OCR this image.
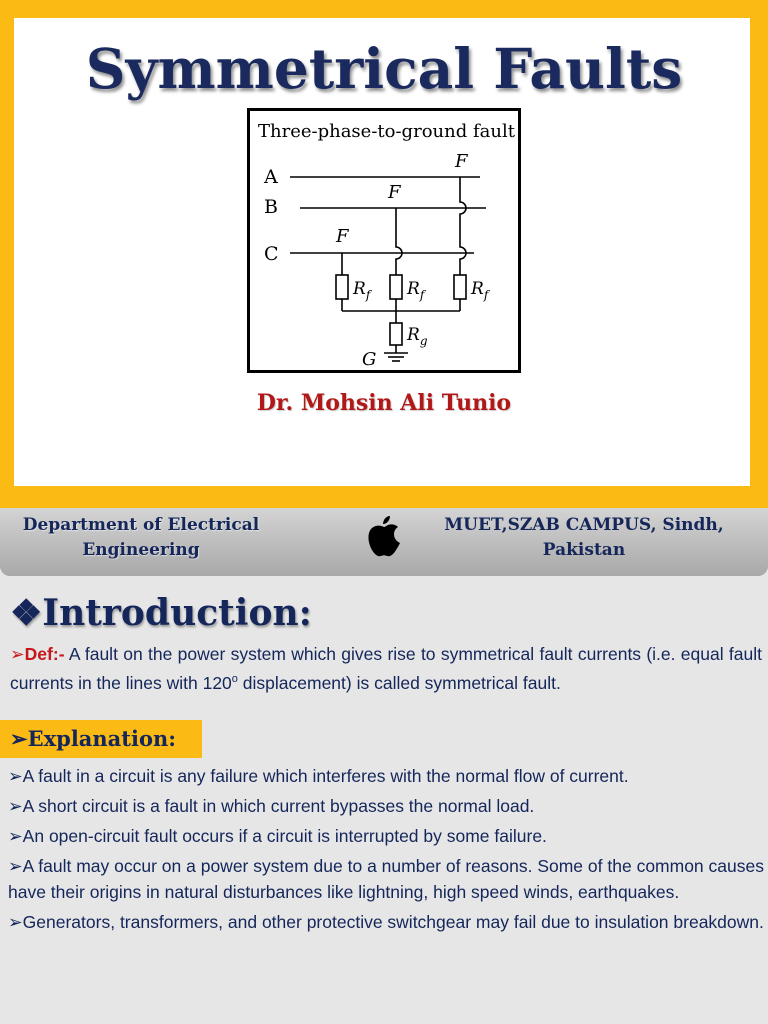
Symmetrical Faults
Three-phase-to-ground fault
A
B
C
F
F
F
$R_f$ $R_f$	$R_f$
$R_g$
G
Dr. Mohsin Ali Tunio
Department of Electrical
Engineering
MUET,SZAB CAMPUS, Sindh,
Pakistan
❖Introduction:
➢Def:- A fault on the power system which gives rise to symmetrical fault currents (i.e. equal fault currents in the lines with 120$^o$ displacement) is called symmetrical fault.
➢Explanation:

➢A fault in a circuit is any failure which interferes with the normal flow of current.

➢A short circuit is a fault in which current bypasses the normal load.

➢An open-circuit fault occurs if a circuit is interrupted by some failure.

➢A fault may occur on a power system due to a number of reasons. Some of the common causes have their origins in natural disturbances like lightning, high speed winds, earthquakes.

➢Generators, transformers, and other protective switchgear may fail due to insulation breakdown.
